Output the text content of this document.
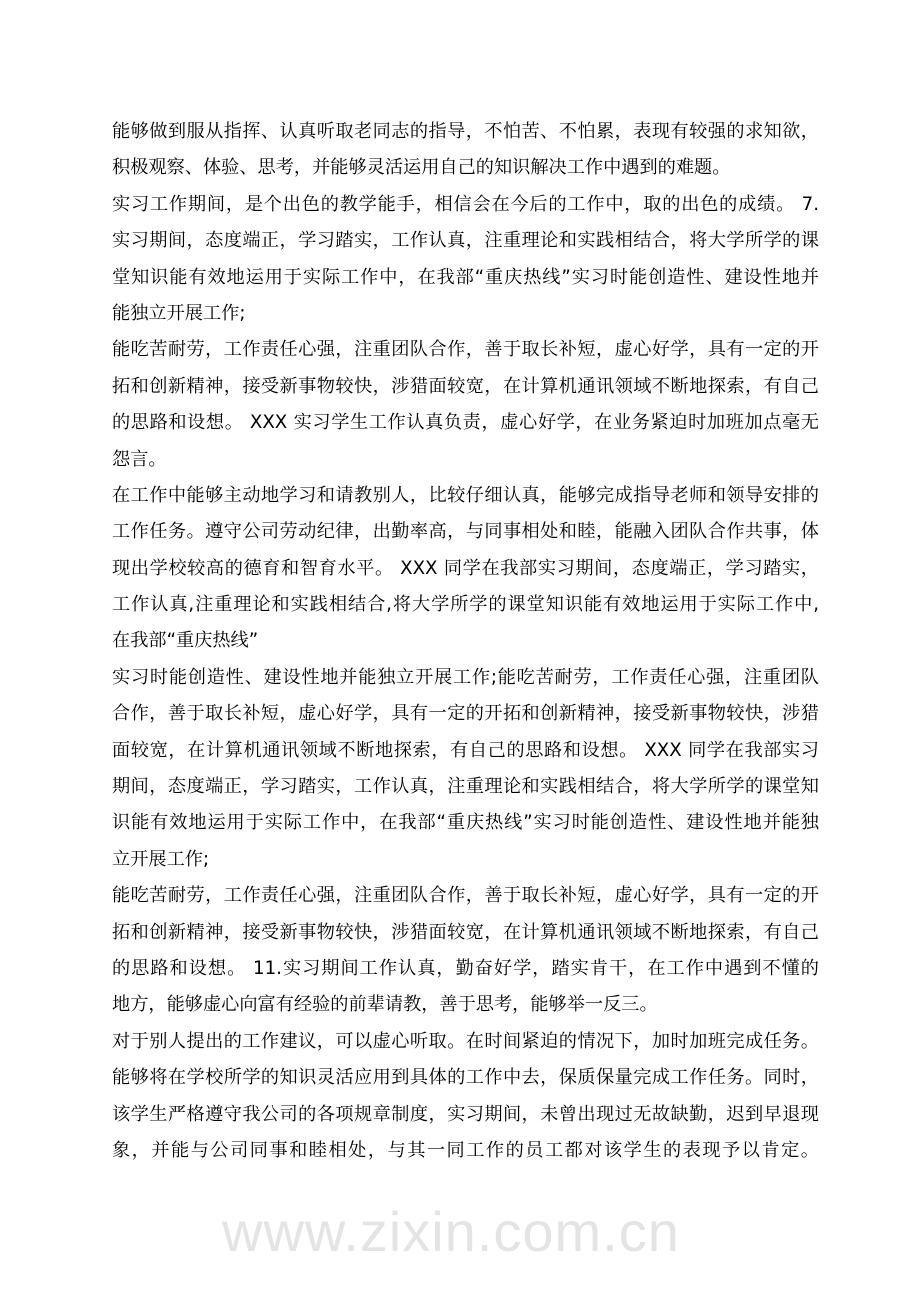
能够做到服从指挥、认真听取老同志的指导，不怕苦、不怕累，表现有较强的求知欲，
积极观察、体验、思考，并能够灵活运用自己的知识解决工作中遇到的难题。
实习工作期间，是个出色的教学能手，相信会在今后的工作中，取的出色的成绩。 7.
实习期间，态度端正，学习踏实，工作认真，注重理论和实践相结合，将大学所学的课
堂知识能有效地运用于实际工作中，在我部“重庆热线”实习时能创造性、建设性地并
能独立开展工作;
能吃苦耐劳，工作责任心强，注重团队合作，善于取长补短，虚心好学，具有一定的开
拓和创新精神，接受新事物较快，涉猎面较宽，在计算机通讯领域不断地探索，有自己
的思路和设想。 XXX 实习学生工作认真负责，虚心好学，在业务紧迫时加班加点毫无
怨言。
在工作中能够主动地学习和请教别人，比较仔细认真，能够完成指导老师和领导安排的
工作任务。遵守公司劳动纪律，出勤率高，与同事相处和睦，能融入团队合作共事，体
现出学校较高的德育和智育水平。 XXX 同学在我部实习期间，态度端正，学习踏实，
工作认真,注重理论和实践相结合,将大学所学的课堂知识能有效地运用于实际工作中,
在我部“重庆热线”
实习时能创造性、建设性地并能独立开展工作;能吃苦耐劳，工作责任心强，注重团队
合作，善于取长补短，虚心好学，具有一定的开拓和创新精神，接受新事物较快，涉猎
面较宽，在计算机通讯领域不断地探索，有自己的思路和设想。 XXX 同学在我部实习
期间，态度端正，学习踏实，工作认真，注重理论和实践相结合，将大学所学的课堂知
识能有效地运用于实际工作中，在我部“重庆热线”实习时能创造性、建设性地并能独
立开展工作;
能吃苦耐劳，工作责任心强，注重团队合作，善于取长补短，虚心好学，具有一定的开
拓和创新精神，接受新事物较快，涉猎面较宽，在计算机通讯领域不断地探索，有自己
的思路和设想。 11.实习期间工作认真，勤奋好学，踏实肯干，在工作中遇到不懂的
地方，能够虚心向富有经验的前辈请教，善于思考，能够举一反三。
对于别人提出的工作建议，可以虚心听取。在时间紧迫的情况下，加时加班完成任务。
能够将在学校所学的知识灵活应用到具体的工作中去，保质保量完成工作任务。同时，
该学生严格遵守我公司的各项规章制度，实习期间，未曾出现过无故缺勤，迟到早退现
象，并能与公司同事和睦相处，与其一同工作的员工都对该学生的表现予以肯定。
www.zixin.com.cn
